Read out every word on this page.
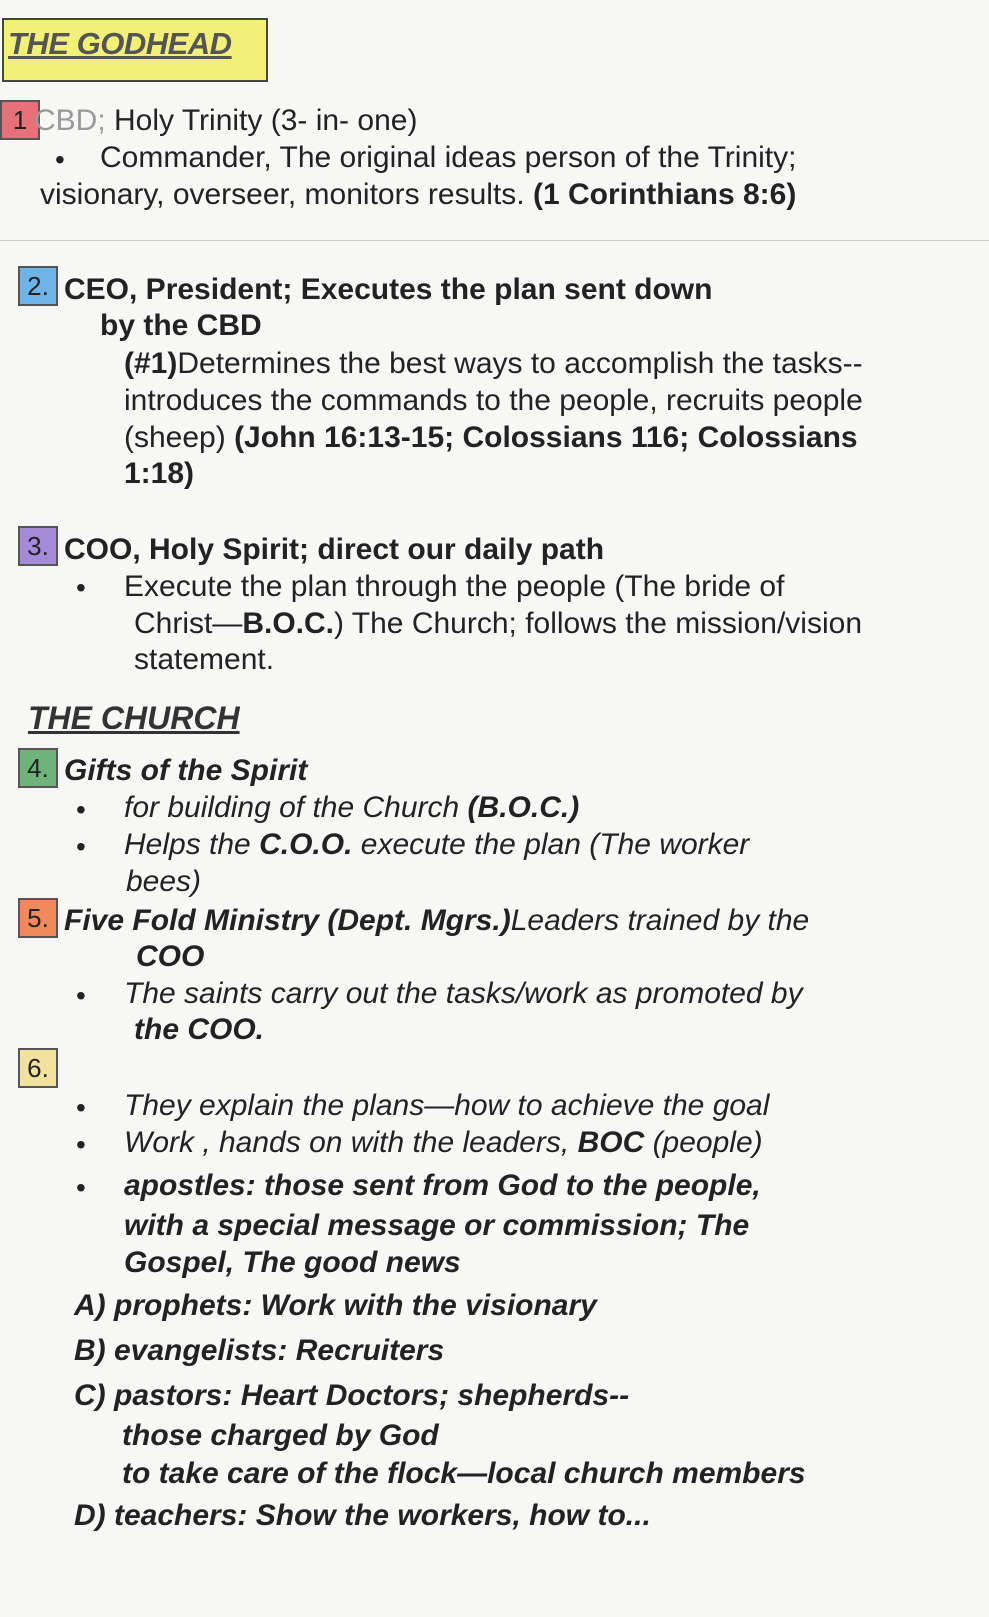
THE GODHEAD
1 CBD; Holy Trinity (3- in- one)
• Commander, The original ideas person of the Trinity;
visionary, overseer, monitors results. (1 Corinthians 8:6)
2. CEO, President; Executes the plan sent down
by the CBD
(#1)Determines the best ways to accomplish the tasks--
introduces the commands to the people, recruits people
(sheep) (John 16:13-15; Colossians 116; Colossians
1:18)
3. COO, Holy Spirit; direct our daily path
• Execute the plan through the people (The bride of
Christ—B.O.C.) The Church; follows the mission/vision
statement.
THE CHURCH
4. Gifts of the Spirit
• for building of the Church (B.O.C.)
• Helps the C.O.O. execute the plan (The worker
bees)
5. Five Fold Ministry (Dept. Mgrs.)Leaders trained by the
COO
• The saints carry out the tasks/work as promoted by
the COO.
6.
• They explain the plans—how to achieve the goal
• Work , hands on with the leaders, BOC (people)
• apostles: those sent from God to the people,
with a special message or commission; The
Gospel, The good news
A) prophets: Work with the visionary
B) evangelists: Recruiters
C) pastors: Heart Doctors; shepherds--
those charged by God
to take care of the flock—local church members
D) teachers: Show the workers, how to...
